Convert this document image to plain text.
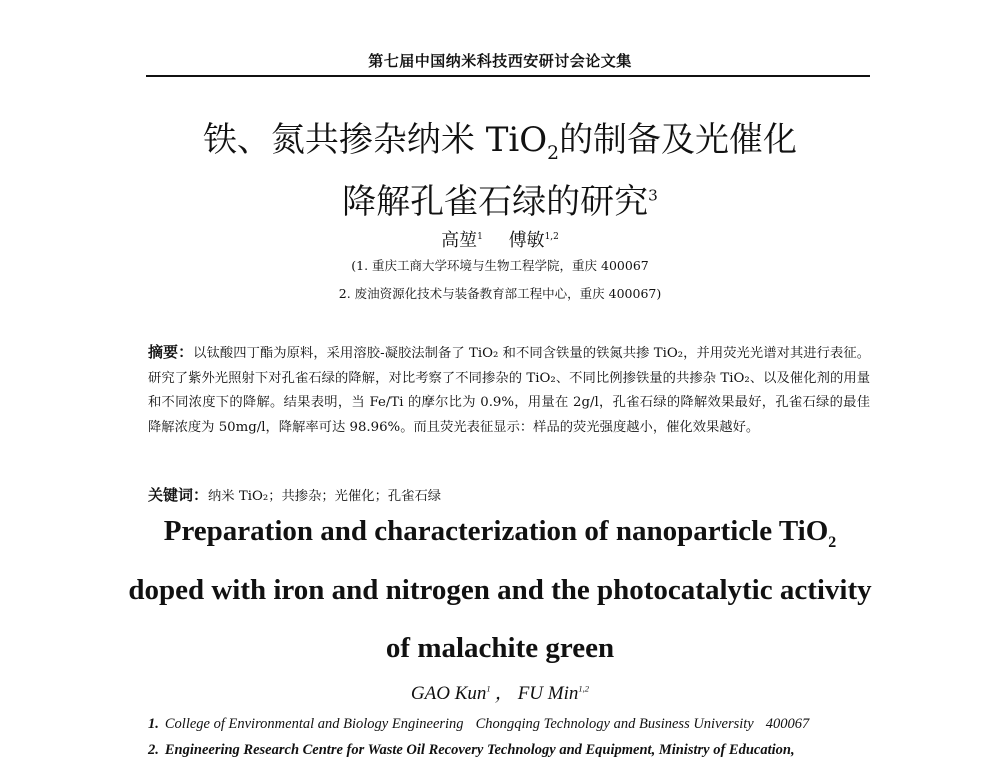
第七届中国纳米科技西安研讨会论文集
铁、氮共掺杂纳米 TiO$_2$的制备及光催化
降解孔雀石绿的研究$^3$
高堃$^1$ 傅敏$^{1,2}$
(1. 重庆工商大学环境与生物工程学院，重庆 400067
2. 废油资源化技术与装备教育部工程中心，重庆 400067)
摘要：以钛酸四丁酯为原料，采用溶胶-凝胶法制备了 TiO₂ 和不同含铁量的铁氮共掺 TiO₂，并用荧光光谱对其进行表征。研究了紫外光照射下对孔雀石绿的降解，对比考察了不同掺杂的 TiO₂、不同比例掺铁量的共掺杂 TiO₂、以及催化剂的用量和不同浓度下的降解。结果表明，当 Fe/Ti 的摩尔比为 0.9%，用量在 2g/l，孔雀石绿的降解效果最好，孔雀石绿的最佳降解浓度为 50mg/l，降解率可达 98.96%。而且荧光表征显示：样品的荧光强度越小，催化效果越好。
关键词：纳米 TiO₂；共掺杂；光催化；孔雀石绿
Preparation and characterization of nanoparticle TiO$_2$
doped with iron and nitrogen and the photocatalytic activity
of malachite green
GAO Kun$^1$ ， FU Min$^{1,2}$
1. College of Environmental and Biology Engineering Chongqing Technology and Business University 400067
2. Engineering Research Centre for Waste Oil Recovery Technology and Equipment, Ministry of Education,
